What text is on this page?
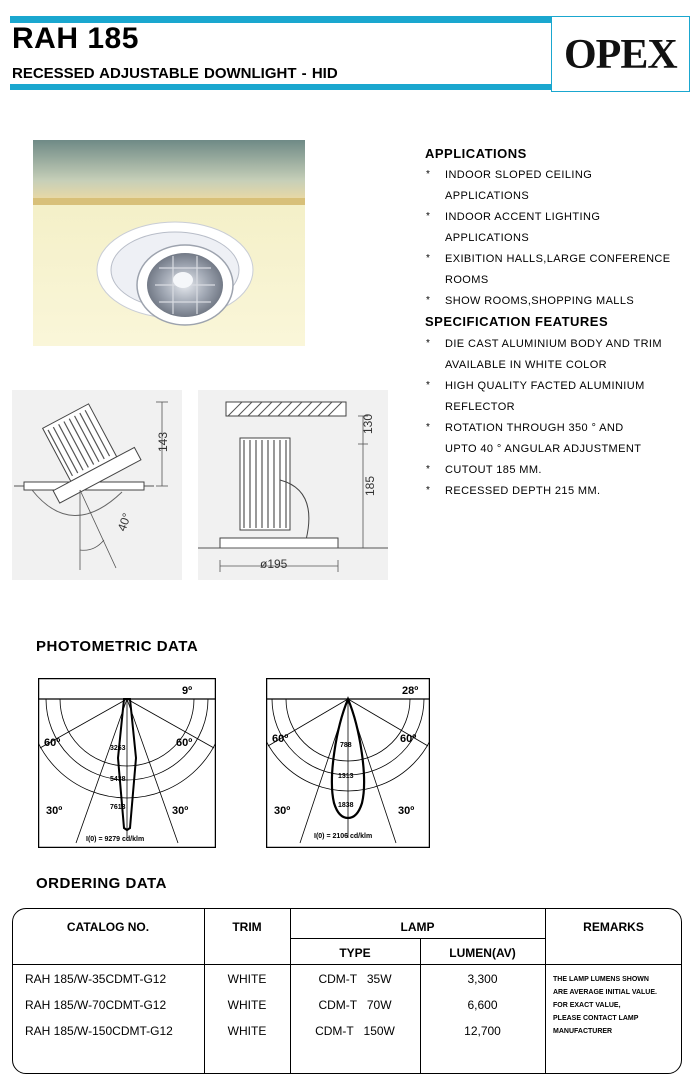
RAH 185
RECESSED ADJUSTABLE DOWNLIGHT - HID	OPEX
APPLICATIONS
* INDOOR SLOPED CEILING APPLICATIONS
* INDOOR ACCENT LIGHTING APPLICATIONS
* EXIBITION HALLS,LARGE CONFERENCE ROOMS
* SHOW ROOMS,SHOPPING MALLS
SPECIFICATION FEATURES
* DIE CAST ALUMINIUM BODY AND TRIM AVAILABLE IN WHITE COLOR
* HIGH QUALITY FACTED ALUMINIUM REFLECTOR
* ROTATION THROUGH 350 ° AND UPTO 40 ° ANGULAR ADJUSTMENT
* CUTOUT 185 MM.
* RECESSED DEPTH 215 MM.
143
40°
130
185
ø195
PHOTOMETRIC DATA
9º
60º	60º
30º	30º
3263
5438
7613
I(0) = 9279 cd/klm
28º
60º	60º
30º	30º
788
1313
1838
I(0) = 2106 cd/klm
ORDERING DATA
CATALOG NO.	TRIM	LAMP
TYPE	LUMEN(AV)
REMARKS
RAH 185/W-35CDMT-G12	WHITE	CDM-T   35W	3,300
RAH 185/W-70CDMT-G12	WHITE	CDM-T   70W	6,600
RAH 185/W-150CDMT-G12	WHITE	CDM-T   150W	12,700
THE LAMP LUMENS SHOWN
ARE AVERAGE INITIAL VALUE.
FOR EXACT VALUE,
PLEASE CONTACT LAMP
MANUFACTURER
